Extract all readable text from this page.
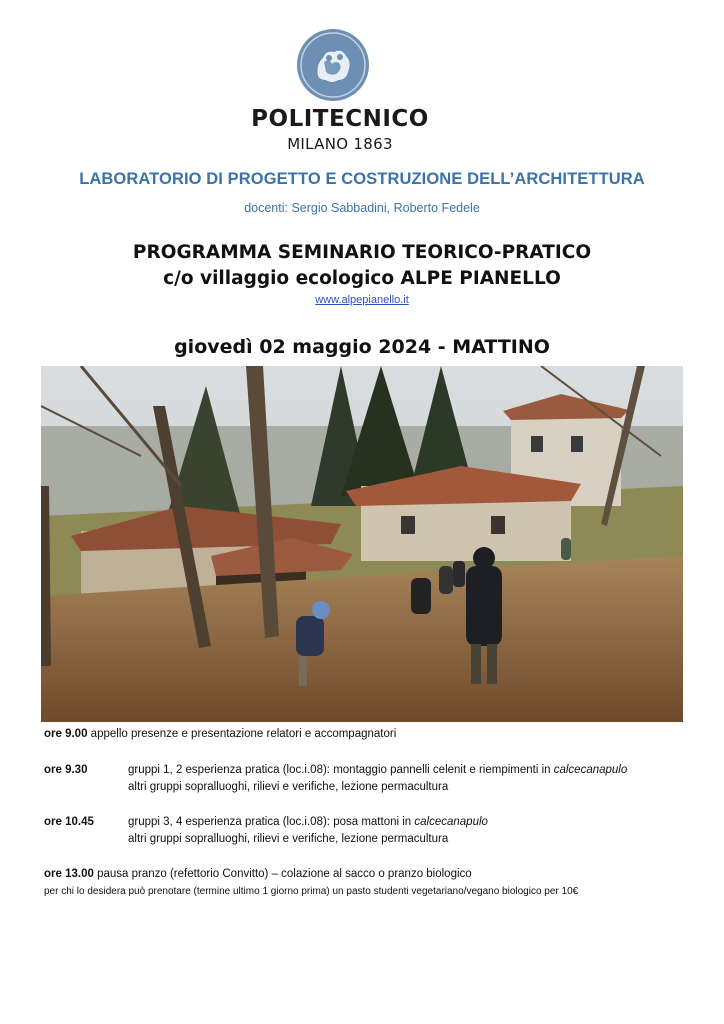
POLITECNICO
MILANO 1863
LABORATORIO DI PROGETTO E COSTRUZIONE DELL’ARCHITETTURA
docenti: Sergio Sabbadini, Roberto Fedele
PROGRAMMA SEMINARIO TEORICO-PRATICO
c/o villaggio ecologico ALPE PIANELLO
www.alpepianello.it
giovedì 02 maggio 2024 - MATTINO
ore 9.00 appello presenze e presentazione relatori e accompagnatori
ore 9.30	gruppi 1, 2 esperienza pratica (loc.i.08): montaggio pannelli celenit e riempimenti in calcecanapulo
altri gruppi sopralluoghi, rilievi e verifiche, lezione permacultura
ore 10.45	gruppi 3, 4 esperienza pratica (loc.i.08): posa mattoni in calcecanapulo
altri gruppi sopralluoghi, rilievi e verifiche, lezione permacultura
ore 13.00 pausa pranzo (refettorio Convitto) – colazione al sacco o pranzo biologico
per chi lo desidera può prenotare (termine ultimo 1 giorno prima) un pasto studenti vegetariano/vegano biologico per 10€
